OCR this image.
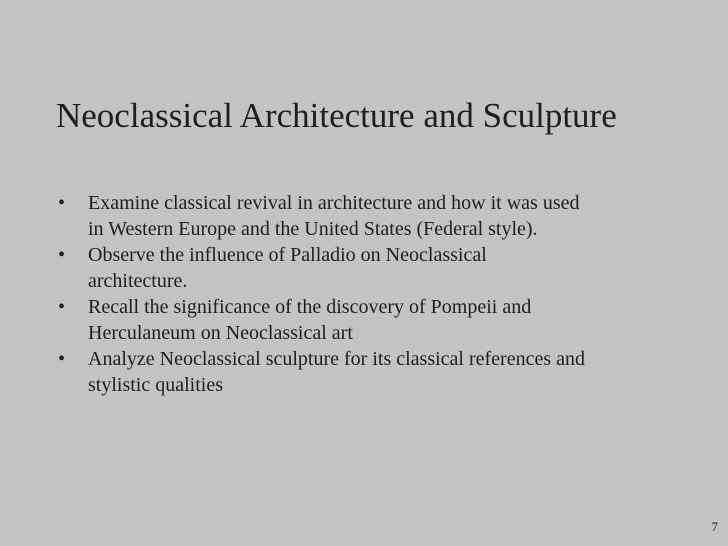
Neoclassical Architecture and Sculpture
•	Examine classical revival in architecture and how it was used
in Western Europe and the United States (Federal style).
•	Observe the influence of Palladio on Neoclassical
architecture.
•	Recall the significance of the discovery of Pompeii and
Herculaneum on Neoclassical art
•	Analyze Neoclassical sculpture for its classical references and
stylistic qualities
7
